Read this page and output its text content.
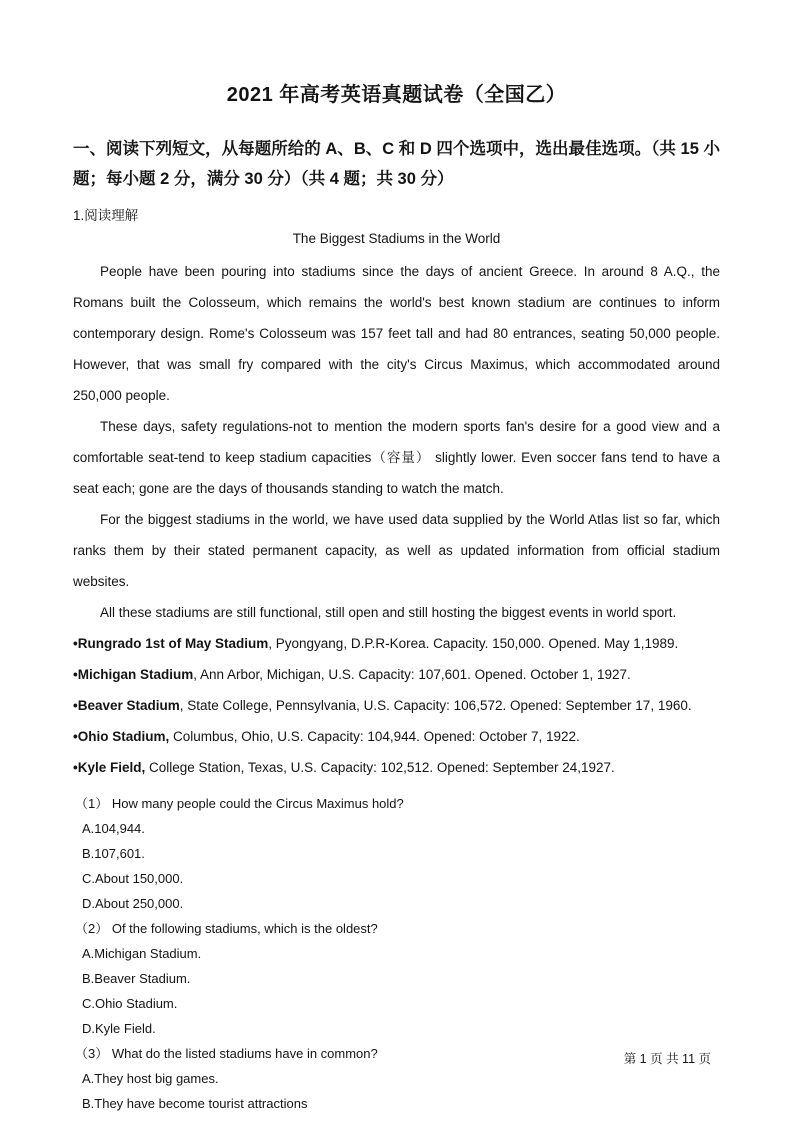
2021 年高考英语真题试卷（全国乙）

一、阅读下列短文，从每题所给的 A、B、C 和 D 四个选项中，选出最佳选项。（共 15 小题；每小题 2 分，满分 30 分）（共 4 题；共 30 分）

1.阅读理解

The Biggest Stadiums in the World

People have been pouring into stadiums since the days of ancient Greece. In around 8 A.Q., the Romans built the Colosseum, which remains the world's best known stadium are continues to inform contemporary design. Rome's Colosseum was 157 feet tall and had 80 entrances, seating 50,000 people. However, that was small fry compared with the city's Circus Maximus, which accommodated around 250,000 people.

These days, safety regulations-not to mention the modern sports fan's desire for a good view and a comfortable seat-tend to keep stadium capacities（容量） slightly lower. Even soccer fans tend to have a seat each; gone are the days of thousands standing to watch the match.

For the biggest stadiums in the world, we have used data supplied by the World Atlas list so far, which ranks them by their stated permanent capacity, as well as updated information from official stadium websites.

All these stadiums are still functional, still open and still hosting the biggest events in world sport.

•Rungrado 1st of May Stadium, Pyongyang, D.P.R-Korea. Capacity. 150,000. Opened. May 1,1989.

•Michigan Stadium, Ann Arbor, Michigan, U.S. Capacity: 107,601. Opened. October 1, 1927.

•Beaver Stadium, State College, Pennsylvania, U.S. Capacity: 106,572. Opened: September 17, 1960.

•Ohio Stadium, Columbus, Ohio, U.S. Capacity: 104,944. Opened: October 7, 1922.

•Kyle Field, College Station, Texas, U.S. Capacity: 102,512. Opened: September 24,1927.

（1） How many people could the Circus Maximus hold?

A.104,944.

B.107,601.

C.About 150,000.

D.About 250,000.

（2） Of the following stadiums, which is the oldest?

A.Michigan Stadium.

B.Beaver Stadium.

C.Ohio Stadium.

D.Kyle Field.

（3） What do the listed stadiums have in common?

A.They host big games.

B.They have become tourist attractions

第 1 页 共 11 页
